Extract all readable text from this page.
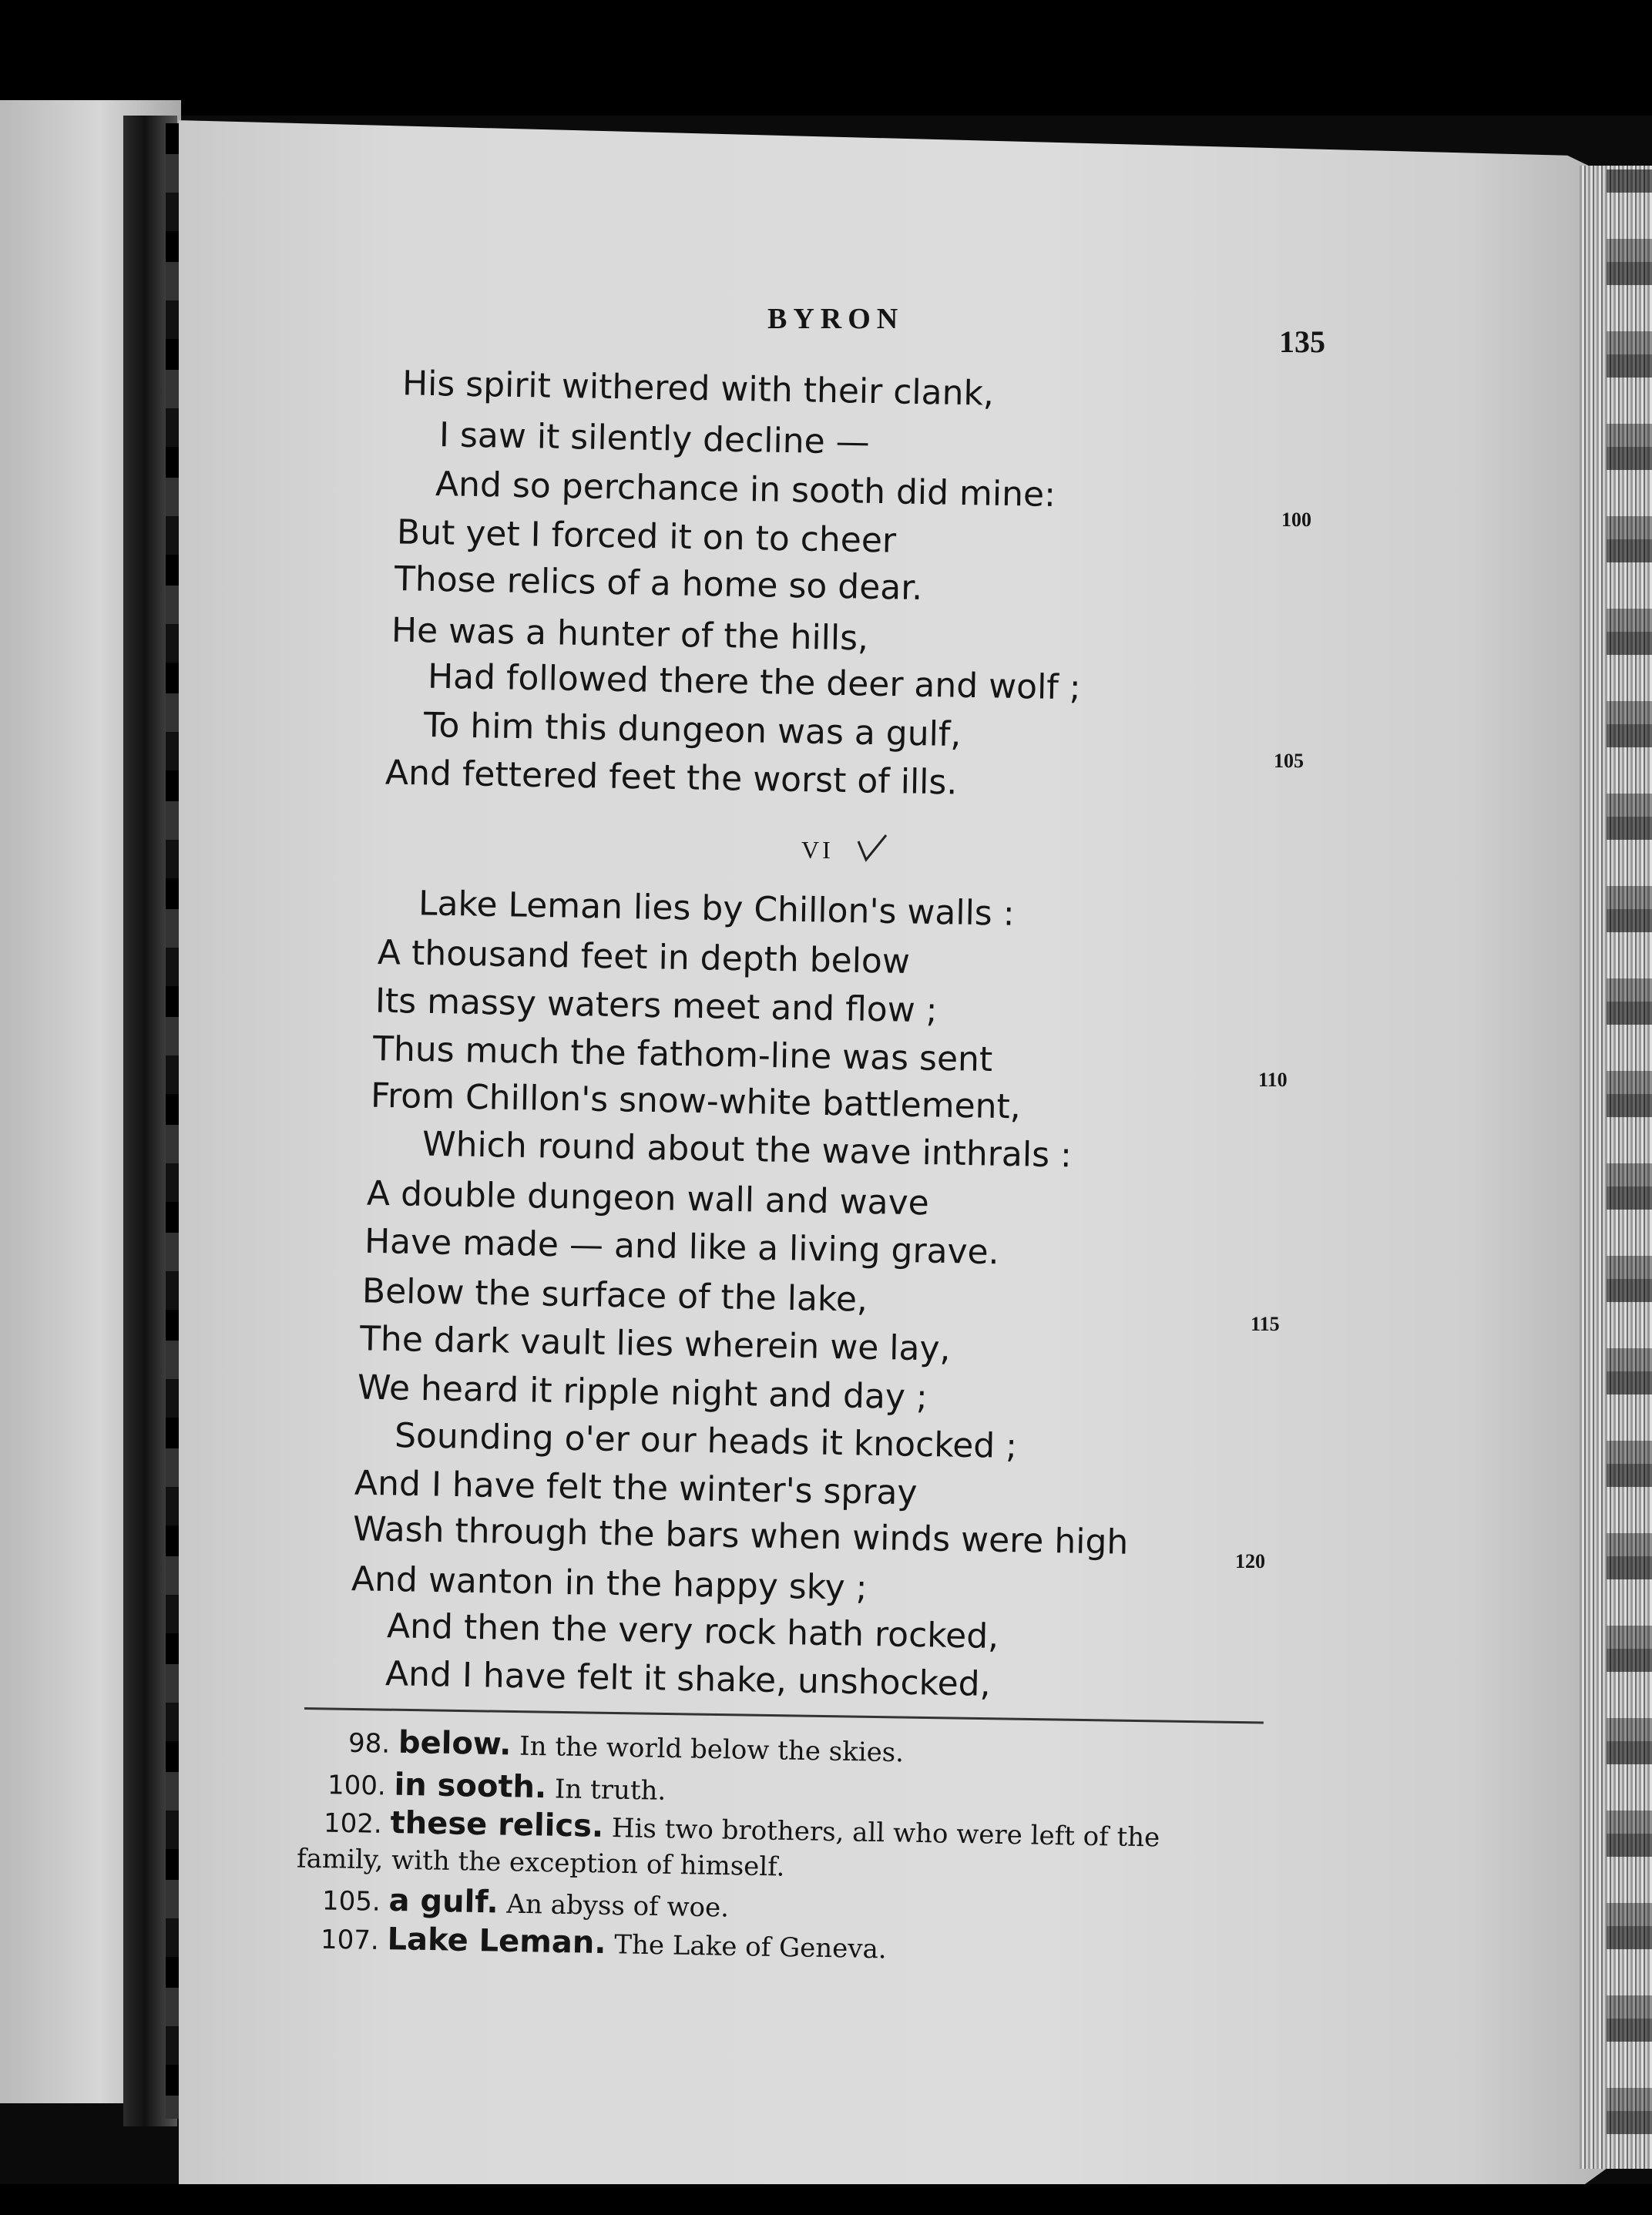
BYRON
135
His spirit withered with their clank,
I saw it silently decline —
And so perchance in sooth did mine:
But yet I forced it on to cheer
Those relics of a home so dear.
He was a hunter of the hills,
Had followed there the deer and wolf ;
To him this dungeon was a gulf,
And fettered feet the worst of ills.
100
105
VI
Lake Leman lies by Chillon's walls :
A thousand feet in depth below
Its massy waters meet and flow ;
Thus much the fathom-line was sent
From Chillon's snow-white battlement,
Which round about the wave inthrals :
A double dungeon wall and wave
Have made — and like a living grave.
Below the surface of the lake,
The dark vault lies wherein we lay,
We heard it ripple night and day ;
Sounding o'er our heads it knocked ;
And I have felt the winter's spray
Wash through the bars when winds were high
And wanton in the happy sky ;
And then the very rock hath rocked,
And I have felt it shake, unshocked,
110
115
120
98. below. In the world below the skies.
100. in sooth. In truth.
102. these relics. His two brothers, all who were left of the
family, with the exception of himself.
105. a gulf. An abyss of woe.
107. Lake Leman. The Lake of Geneva.
